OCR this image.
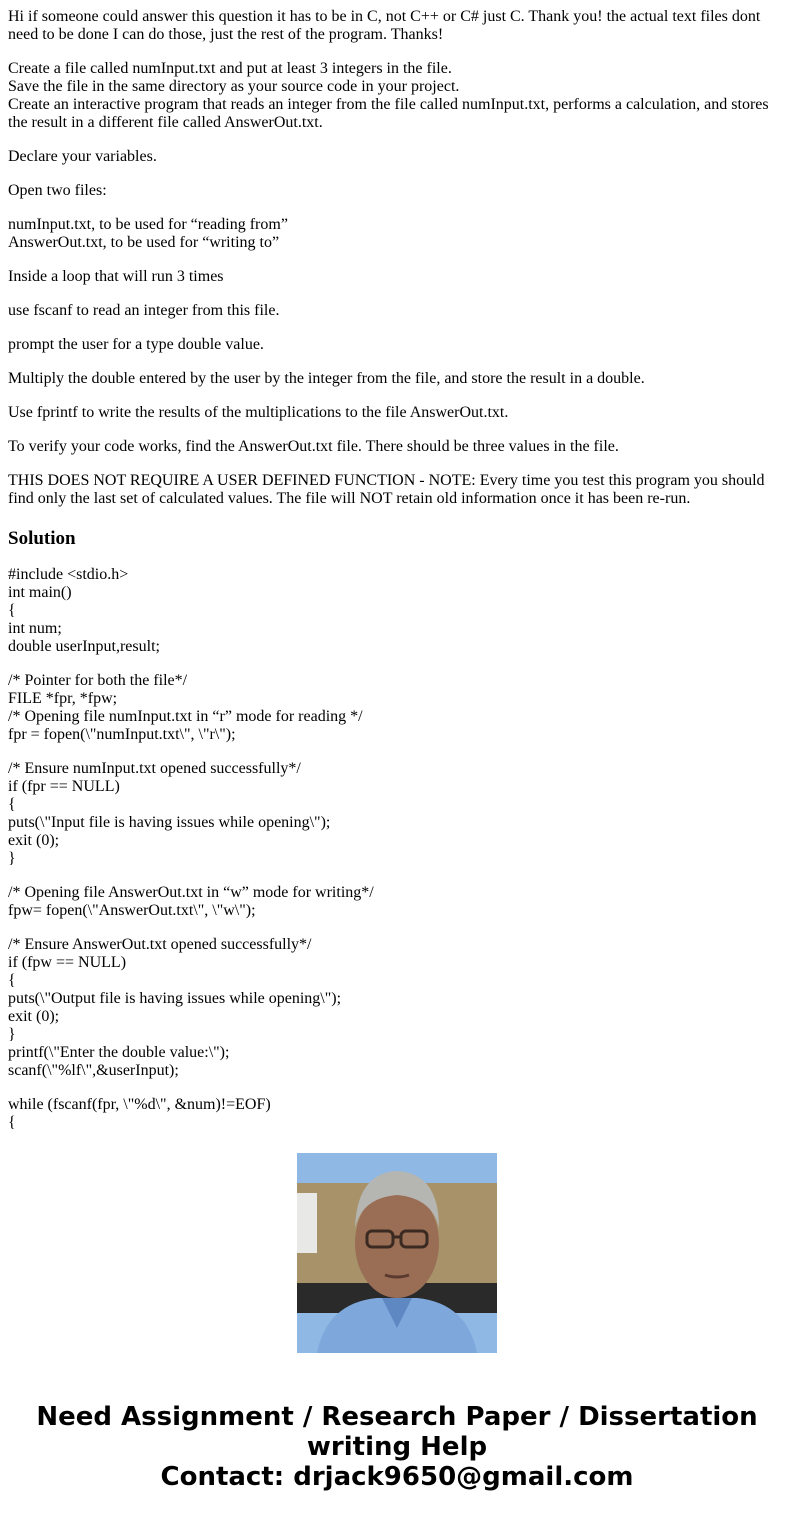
Hi if someone could answer this question it has to be in C, not C++ or C# just C. Thank you! the actual text files dont need to be done I can do those, just the rest of the program. Thanks!

Create a file called numInput.txt and put at least 3 integers in the file.
Save the file in the same directory as your source code in your project.
Create an interactive program that reads an integer from the file called numInput.txt, performs a calculation, and stores the result in a different file called AnswerOut.txt.

Declare your variables.

Open two files:

numInput.txt, to be used for “reading from”
AnswerOut.txt, to be used for “writing to”

Inside a loop that will run 3 times

use fscanf to read an integer from this file.

prompt the user for a type double value.

Multiply the double entered by the user by the integer from the file, and store the result in a double.

Use fprintf to write the results of the multiplications to the file AnswerOut.txt.

To verify your code works, find the AnswerOut.txt file. There should be three values in the file.

THIS DOES NOT REQUIRE A USER DEFINED FUNCTION - NOTE: Every time you test this program you should find only the last set of calculated values. The file will NOT retain old information once it has been re-run.

Solution
#include <stdio.h>
int main()
{
int num;
double userInput,result;
/* Pointer for both the file*/
FILE *fpr, *fpw;
/* Opening file numInput.txt in “r” mode for reading */
fpr = fopen(\"numInput.txt\", \"r\");
/* Ensure numInput.txt opened successfully*/
if (fpr == NULL)
{
puts(\"Input file is having issues while opening\");
exit (0);
}
/* Opening file AnswerOut.txt in “w” mode for writing*/
fpw= fopen(\"AnswerOut.txt\", \"w\");
/* Ensure AnswerOut.txt opened successfully*/
if (fpw == NULL)
{
puts(\"Output file is having issues while opening\");
exit (0);
}
printf(\"Enter the double value:\");
scanf(\"%lf\",&userInput);
while (fscanf(fpr, \"%d\", &num)!=EOF)
{
Need Assignment / Research Paper / Dissertation
writing Help
Contact: drjack9650@gmail.com
